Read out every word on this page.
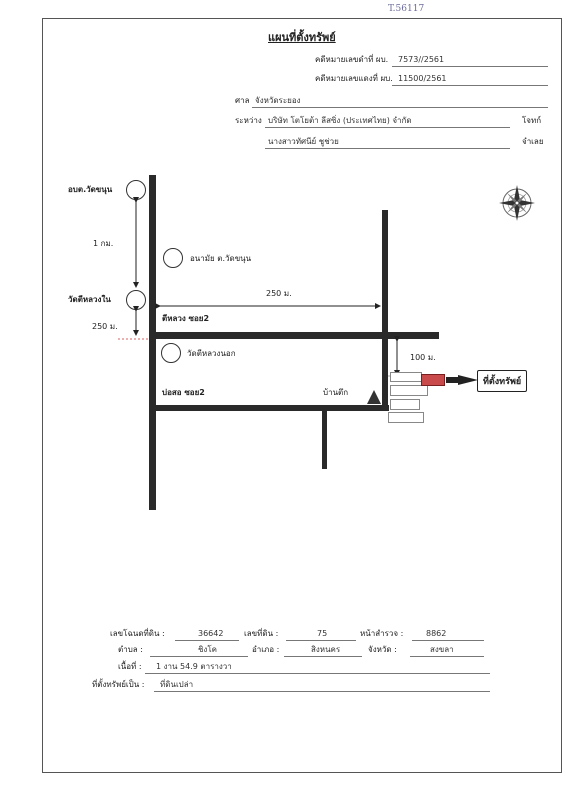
T.56117
แผนที่ตั้งทรัพย์
คดีหมายเลขดำที่ ผบ. 7573//2561
คดีหมายเลขแดงที่ ผบ. 11500/2561
ศาล จังหวัดระยอง
ระหว่าง บริษัท โตโยต้า ลีสซิ่ง (ประเทศไทย) จำกัด	โจทก์
นางสาวทัศนีย์ ชูช่วย	จำเลย
อบต.วัดขนุน
วัดตีหลวงใน
อนามัย ต.วัดขนุน
วัดตีหลวงนอก
บ้านตึก
ตีหลวง ซอย2
บ่อสอ ซอย2
1 กม.
250 ม.
250 ม.
100 ม.
ที่ตั้งทรัพย์
เลขโฉนดที่ดิน :	36642	เลขที่ดิน :	75	หน้าสำรวจ :	8862
ตำบล :	ชิงโค	อำเภอ :	สิงหนคร	จังหวัด :	สงขลา
เนื้อที่ : 1 งาน 54.9 ตารางวา
ที่ตั้งทรัพย์เป็น : ที่ดินเปล่า
